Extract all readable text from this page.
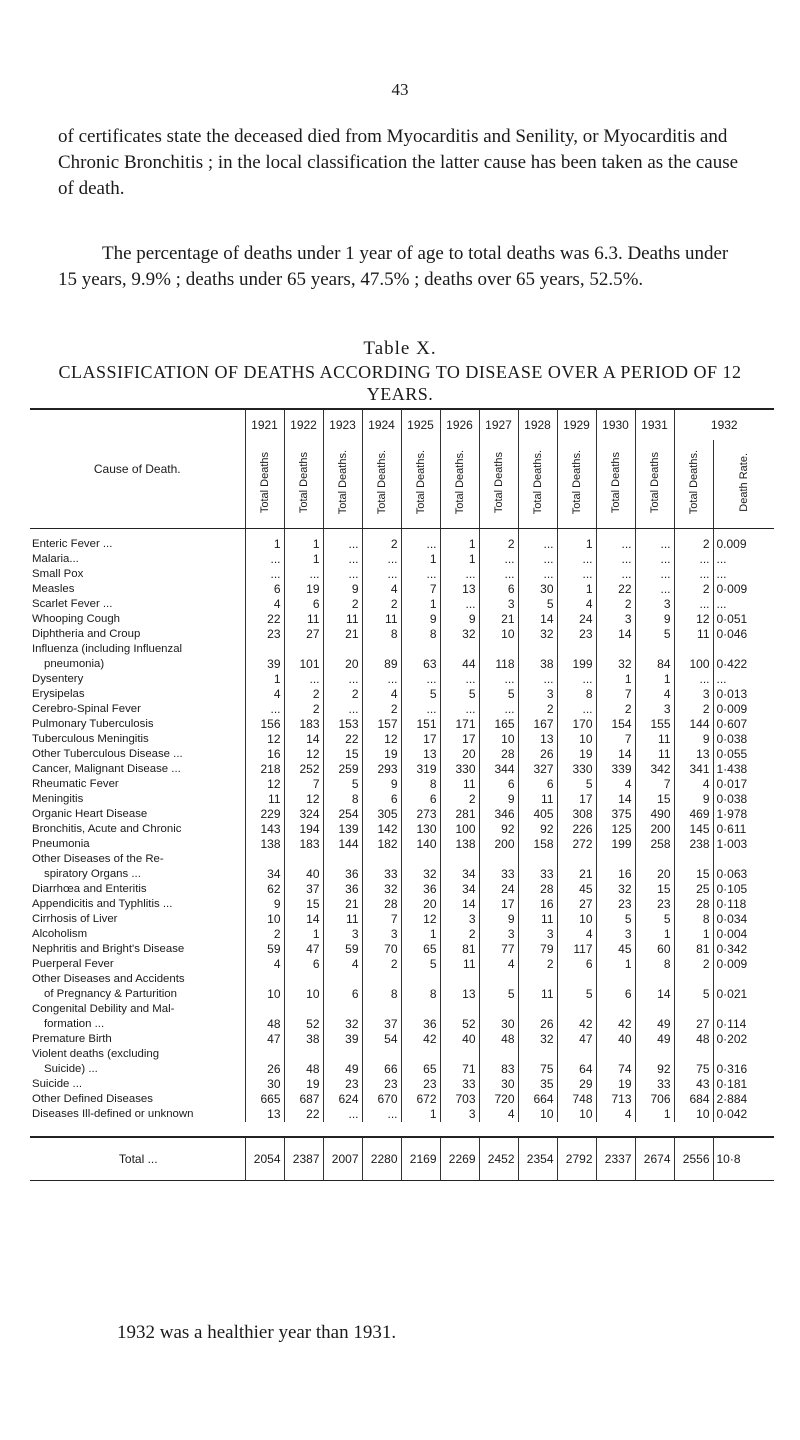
43

of certificates state the deceased died from Myocarditis and Senility, or Myocarditis and Chronic Bronchitis ; in the local classification the latter cause has been taken as the cause of death.

The percentage of deaths under 1 year of age to total deaths was 6.3. Deaths under 15 years, 9.9% ; deaths under 65 years, 47.5% ; deaths over 65 years, 52.5%.

Table X.
CLASSIFICATION OF DEATHS ACCORDING TO DISEASE OVER A PERIOD OF 12 YEARS.
Cause of Death.	1921	1922	1923	1924	1925	1926	1927	1928	1929	1930	1931	1932	
	Total Deaths	Total Deaths	Total Deaths.	Total Deaths.	Total Deaths.	Total Deaths.	Total Deaths	Total Deaths.	Total Deaths.	Total Deaths	Total Deaths	Total Deaths.	Death Rate.
Enteric Fever ...	1	1	...	2	...	1	2	...	1	...	...	2	0.009
Malaria...	...	1	...	...	1	1	...	...	...	...	...	...	...
Small Pox	...	...	...	...	...	...	...	...	...	...	...	...	...
Measles	6	19	9	4	7	13	6	30	1	22	...	2	0·009
Scarlet Fever ...	4	6	2	2	1	...	3	5	4	2	3	...	...
Whooping Cough	22	11	11	11	9	9	21	14	24	3	9	12	0·051
Diphtheria and Croup	23	27	21	8	8	32	10	32	23	14	5	11	0·046
Influenza (including Influenzal													
pneumonia)	39	101	20	89	63	44	118	38	199	32	84	100	0·422
Dysentery	1	...	...	...	...	...	...	...	...	1	1	...	...
Erysipelas	4	2	2	4	5	5	5	3	8	7	4	3	0·013
Cerebro-Spinal Fever	...	2	...	2	...	...	...	2	...	2	3	2	0·009
Pulmonary Tuberculosis	156	183	153	157	151	171	165	167	170	154	155	144	0·607
Tuberculous Meningitis	12	14	22	12	17	17	10	13	10	7	11	9	0·038
Other Tuberculous Disease ...	16	12	15	19	13	20	28	26	19	14	11	13	0·055
Cancer, Malignant Disease ...	218	252	259	293	319	330	344	327	330	339	342	341	1·438
Rheumatic Fever	12	7	5	9	8	11	6	6	5	4	7	4	0·017
Meningitis	11	12	8	6	6	2	9	11	17	14	15	9	0·038
Organic Heart Disease	229	324	254	305	273	281	346	405	308	375	490	469	1·978
Bronchitis, Acute and Chronic	143	194	139	142	130	100	92	92	226	125	200	145	0·611
Pneumonia	138	183	144	182	140	138	200	158	272	199	258	238	1·003
Other Diseases of the Re-													
spiratory Organs ...	34	40	36	33	32	34	33	33	21	16	20	15	0·063
Diarrhœa and Enteritis	62	37	36	32	36	34	24	28	45	32	15	25	0·105
Appendicitis and Typhlitis ...	9	15	21	28	20	14	17	16	27	23	23	28	0·118
Cirrhosis of Liver	10	14	11	7	12	3	9	11	10	5	5	8	0·034
Alcoholism	2	1	3	3	1	2	3	3	4	3	1	1	0·004
Nephritis and Bright's Disease	59	47	59	70	65	81	77	79	117	45	60	81	0·342
Puerperal Fever	4	6	4	2	5	11	4	2	6	1	8	2	0·009
Other Diseases and Accidents													
of Pregnancy & Parturition	10	10	6	8	8	13	5	11	5	6	14	5	0·021
Congenital Debility and Mal-													
formation ...	48	52	32	37	36	52	30	26	42	42	49	27	0·114
Premature Birth	47	38	39	54	42	40	48	32	47	40	49	48	0·202
Violent deaths (excluding													
Suicide) ...	26	48	49	66	65	71	83	75	64	74	92	75	0·316
Suicide ...	30	19	23	23	23	33	30	35	29	19	33	43	0·181
Other Defined Diseases	665	687	624	670	672	703	720	664	748	713	706	684	2·884
Diseases Ill-defined or unknown	13	22	...	...	1	3	4	10	10	4	1	10	0·042

Total ...	2054	2387	2007	2280	2169	2269	2452	2354	2792	2337	2674	2556	10·8
1932 was a healthier year than 1931.
